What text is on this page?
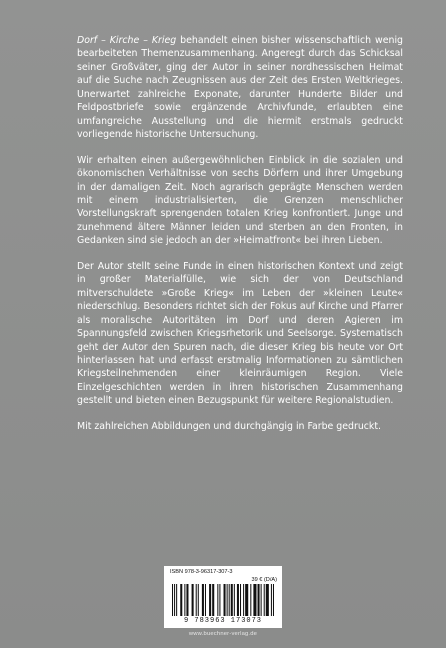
Dorf – Kirche – Krieg behandelt einen bisher wissenschaftlich wenig bearbeiteten Themenzusammenhang. Angeregt durch das Schicksal seiner Großväter, ging der Autor in seiner nordhessischen Heimat auf die Suche nach Zeugnissen aus der Zeit des Ersten Weltkrieges. Unerwartet zahlreiche Exponate, darunter Hunderte Bilder und Feldpostbriefe sowie ergänzende Archivfunde, erlaubten eine umfangreiche Ausstellung und die hiermit erstmals gedruckt vorliegende historische Untersuchung.

Wir erhalten einen außergewöhnlichen Einblick in die sozialen und ökonomischen Verhältnisse von sechs Dörfern und ihrer Umgebung in der damaligen Zeit. Noch agrarisch geprägte Menschen werden mit einem industrialisierten, die Grenzen menschlicher Vorstellungskraft sprengenden totalen Krieg konfrontiert. Junge und zunehmend ältere Männer leiden und sterben an den Fronten, in Gedanken sind sie jedoch an der »Heimatfront« bei ihren Lieben.

Der Autor stellt seine Funde in einen historischen Kontext und zeigt in großer Materialfülle, wie sich der von Deutschland mitverschuldete »Große Krieg« im Leben der »kleinen Leute« niederschlug. Besonders richtet sich der Fokus auf Kirche und Pfarrer als moralische Autoritäten im Dorf und deren Agieren im Spannungsfeld zwischen Kriegsrhetorik und Seelsorge. Systematisch geht der Autor den Spuren nach, die dieser Krieg bis heute vor Ort hinterlassen hat und erfasst erstmalig Informationen zu sämtlichen Kriegsteilnehmenden einer kleinräumigen Region. Viele Einzelgeschichten werden in ihren historischen Zusammenhang gestellt und bieten einen Bezugspunkt für weitere Regionalstudien.

Mit zahlreichen Abbildungen und durchgängig in Farbe gedruckt.

ISBN 978-3-96317-307-3
39 € (D/A)
9 783963 173073
www.buechner-verlag.de
